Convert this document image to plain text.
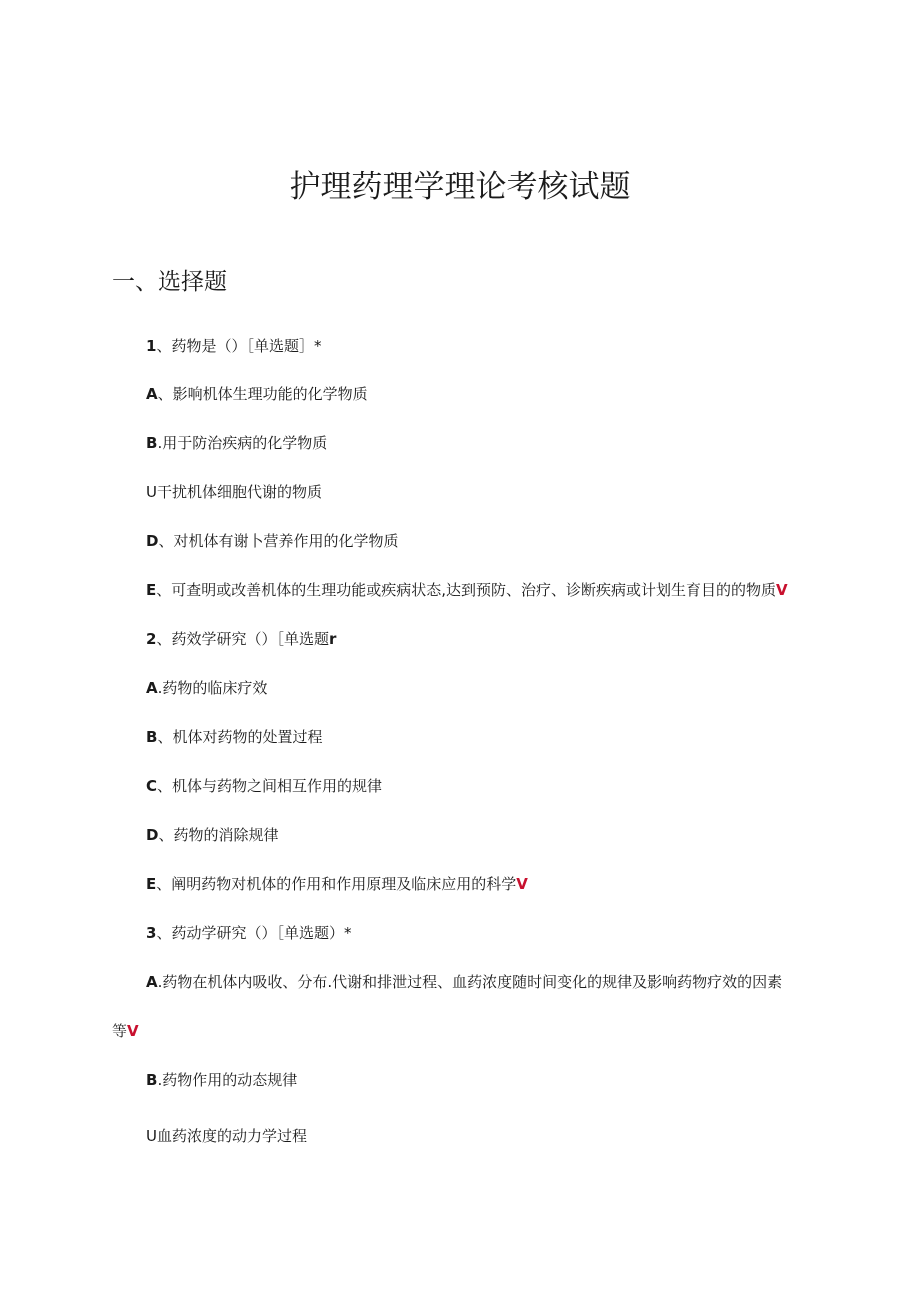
护理药理学理论考核试题
一、选择题

1、药物是（）［单选题］*

A、影响机体生理功能的化学物质

B.用于防治疾病的化学物质

U干扰机体细胞代谢的物质

D、对机体有谢卜营养作用的化学物质

E、可查明或改善机体的生理功能或疾病状态,达到预防、治疗、诊断疾病或计划生育目的的物质V

2、药效学研究（）［单选题r

A.药物的临床疗效

B、机体对药物的处置过程

C、机体与药物之间相互作用的规律

D、药物的消除规律

E、阐明药物对机体的作用和作用原理及临床应用的科学V

3、药动学研究（）［单选题）*

A.药物在机体内吸收、分布.代谢和排泄过程、血药浓度随时间变化的规律及影响药物疗效的因素

等V

B.药物作用的动态规律

U血药浓度的动力学过程
